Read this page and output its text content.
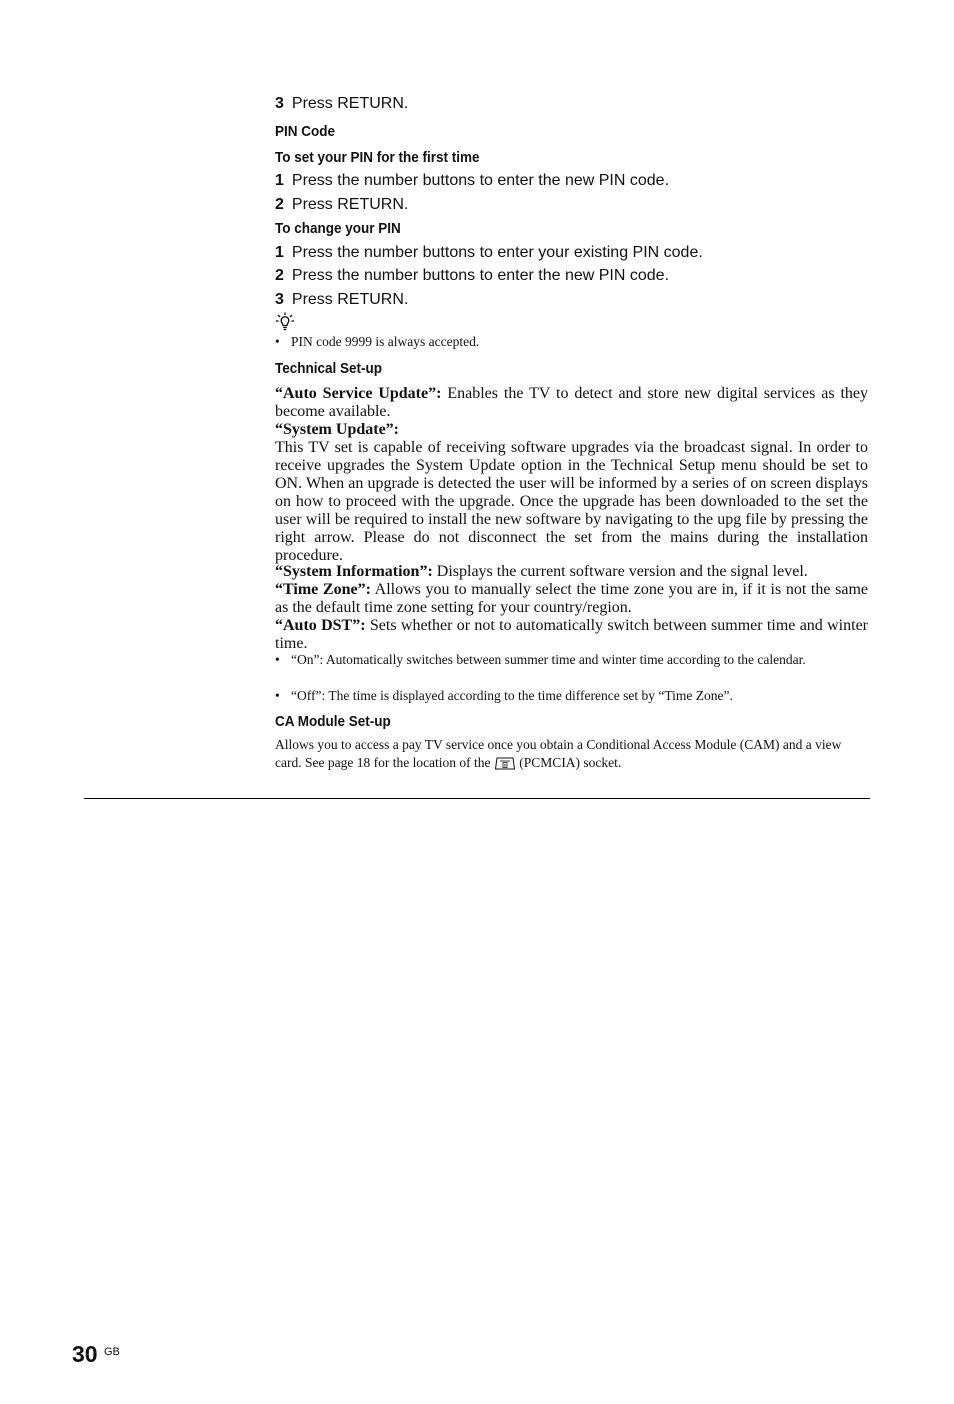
3 Press RETURN.
PIN Code
To set your PIN for the first time
1 Press the number buttons to enter the new PIN code.
2 Press RETURN.
To change your PIN
1 Press the number buttons to enter your existing PIN code.
2 Press the number buttons to enter the new PIN code.
3 Press RETURN.
• PIN code 9999 is always accepted.
Technical Set-up

“Auto Service Update”: Enables the TV to detect and store new digital services as they become available.

“System Update”:

This TV set is capable of receiving software upgrades via the broadcast signal. In order to receive upgrades the System Update option in the Technical Setup menu should be set to ON. When an upgrade is detected the user will be informed by a series of on screen displays on how to proceed with the upgrade. Once the upgrade has been downloaded to the set the user will be required to install the new software by navigating to the upg file by pressing the right arrow. Please do not disconnect the set from the mains during the installation procedure.

“System Information”: Displays the current software version and the signal level.

“Time Zone”: Allows you to manually select the time zone you are in, if it is not the same as the default time zone setting for your country/region.

“Auto DST”: Sets whether or not to automatically switch between summer time and winter time.

• “On”: Automatically switches between summer time and winter time according to the calendar.
• “Off”: The time is displayed according to the time difference set by “Time Zone”.
CA Module Set-up

Allows you to access a pay TV service once you obtain a Conditional Access Module (CAM) and a view card. See page 18 for the location of the  (PCMCIA) socket.

30 GB
